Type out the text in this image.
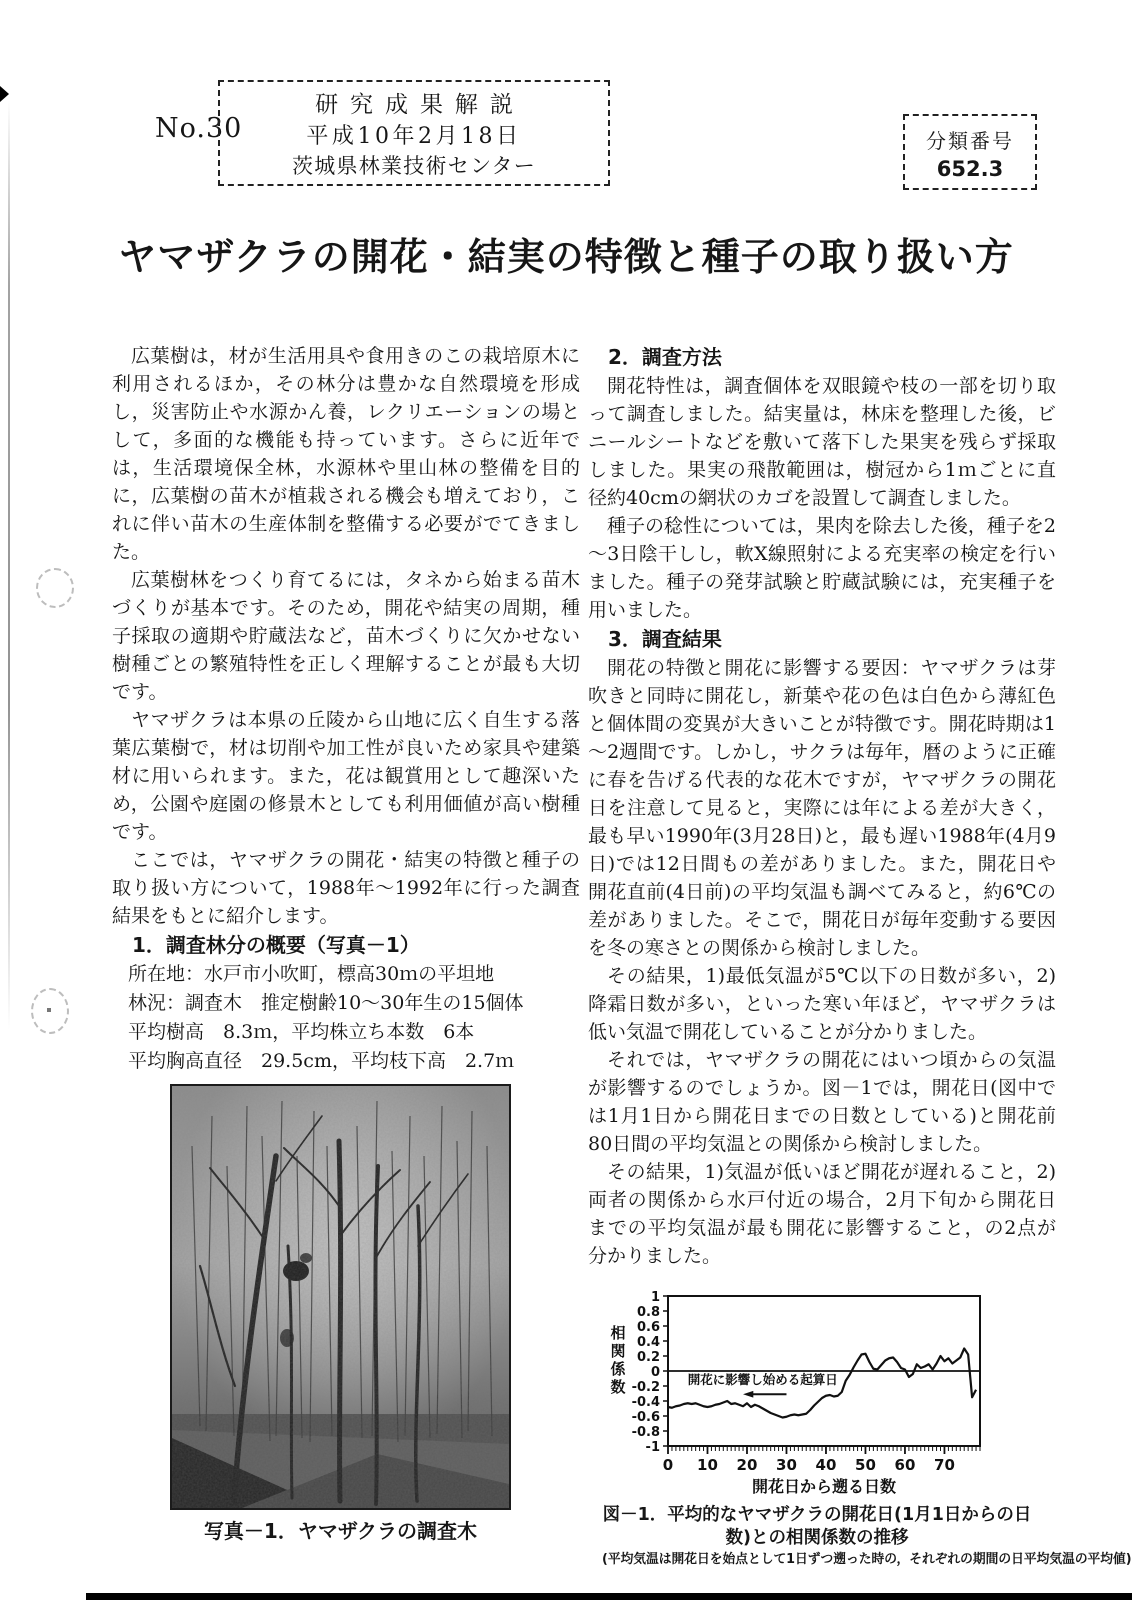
No.30
研究成果解説
平成10年2月18日
茨城県林業技術センター
分類番号
652.3
ヤマザクラの開花・結実の特徴と種子の取り扱い方

広葉樹は，材が生活用具や食用きのこの栽培原木に利用されるほか，その林分は豊かな自然環境を形成し，災害防止や水源かん養，レクリエーションの場として，多面的な機能も持っています。さらに近年では，生活環境保全林，水源林や里山林の整備を目的に，広葉樹の苗木が植栽される機会も増えており，これに伴い苗木の生産体制を整備する必要がでてきました。

広葉樹林をつくり育てるには，タネから始まる苗木づくりが基本です。そのため，開花や結実の周期，種子採取の適期や貯蔵法など，苗木づくりに欠かせない樹種ごとの繁殖特性を正しく理解することが最も大切です。

ヤマザクラは本県の丘陵から山地に広く自生する落葉広葉樹で，材は切削や加工性が良いため家具や建築材に用いられます。また，花は観賞用として趣深いため，公園や庭園の修景木としても利用価値が高い樹種です。

ここでは，ヤマザクラの開花・結実の特徴と種子の取り扱い方について，1988年～1992年に行った調査結果をもとに紹介します。

1．調査林分の概要（写真－1）

所在地：水戸市小吹町，標高30ｍの平坦地
林況：調査木　推定樹齢10～30年生の15個体
平均樹高　8.3ｍ，平均株立ち本数　6本
平均胸高直径　29.5cm，平均枝下高　2.7ｍ
写真－1．ヤマザクラの調査木

2．調査方法

開花特性は，調査個体を双眼鏡や枝の一部を切り取って調査しました。結実量は，林床を整理した後，ビニールシートなどを敷いて落下した果実を残らず採取しました。果実の飛散範囲は，樹冠から1ｍごとに直径約40cmの網状のカゴを設置して調査しました。

種子の稔性については，果肉を除去した後，種子を2～3日陰干しし，軟X線照射による充実率の検定を行いました。種子の発芽試験と貯蔵試験には，充実種子を用いました。

3．調査結果

開花の特徴と開花に影響する要因：ヤマザクラは芽吹きと同時に開花し，新葉や花の色は白色から薄紅色と個体間の変異が大きいことが特徴です。開花時期は1～2週間です。しかし，サクラは毎年，暦のように正確に春を告げる代表的な花木ですが，ヤマザクラの開花日を注意して見ると，実際には年による差が大きく，最も早い1990年(3月28日)と，最も遅い1988年(4月9日)では12日間もの差がありました。また，開花日や開花直前(4日前)の平均気温も調べてみると，約6℃の差がありました。そこで，開花日が毎年変動する要因を冬の寒さとの関係から検討しました。

その結果，1)最低気温が5℃以下の日数が多い，2)降霜日数が多い，といった寒い年ほど，ヤマザクラは低い気温で開花していることが分かりました。

それでは，ヤマザクラの開花にはいつ頃からの気温が影響するのでしょうか。図－1では，開花日(図中では1月1日から開花日までの日数としている)と開花前80日間の平均気温との関係から検討しました。

その結果，1)気温が低いほど開花が遅れること，2)両者の関係から水戸付近の場合，2月下旬から開花日までの平均気温が最も開花に影響すること，の2点が分かりました。

1
0.8
0.6
0.4
0.2
0
-0.2
-0.4
-0.6
-0.8
-1
0 10 20 30 40 50 60 70
開花に影響し始める起算日
相
関
係
数
開花日から遡る日数
図－1．平均的なヤマザクラの開花日(1月1日からの日数)との相関係数の推移
(平均気温は開花日を始点として1日ずつ遡った時の，それぞれの期間の日平均気温の平均値)
